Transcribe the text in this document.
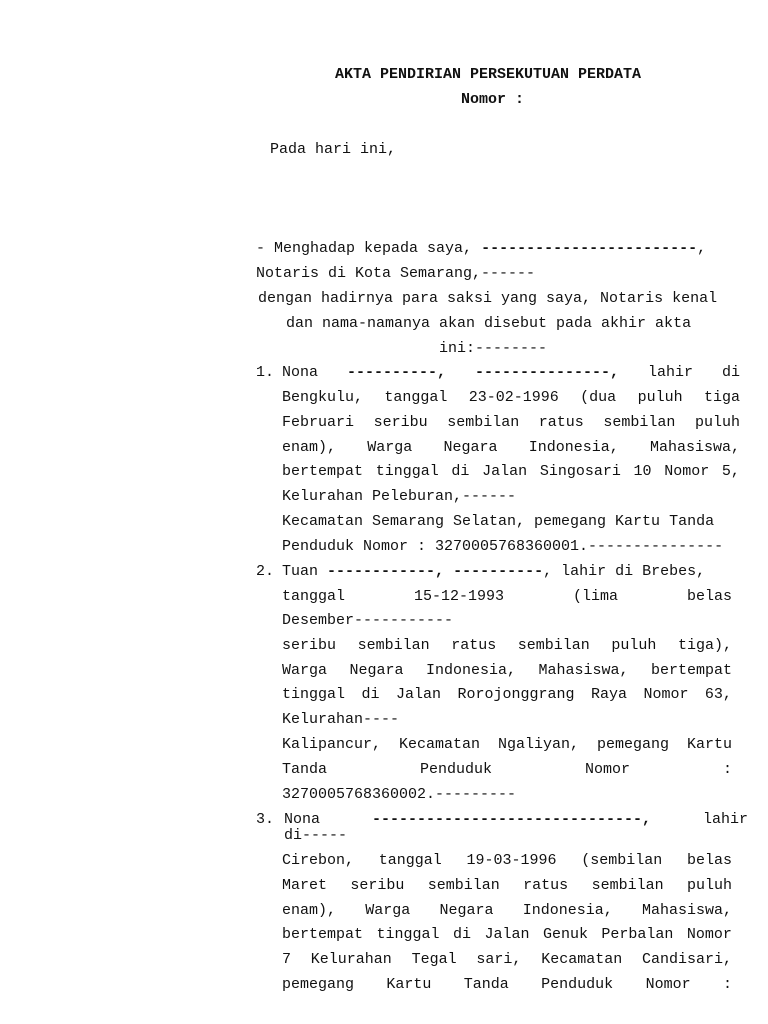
AKTA PENDIRIAN PERSEKUTUAN PERDATA
Nomor :
Pada hari ini,
- Menghadap kepada saya, ------------------------,
Notaris di Kota Semarang,------
dengan hadirnya para saksi yang saya, Notaris kenal
dan nama-namanya akan disebut pada akhir akta
ini:--------
1. Nona ----------, ---------------, lahir di
Bengkulu, tanggal 23-02-1996 (dua puluh tiga
Februari seribu sembilan ratus sembilan puluh
enam), Warga Negara Indonesia, Mahasiswa,
bertempat tinggal di Jalan Singosari 10 Nomor 5,
Kelurahan Peleburan,------
Kecamatan Semarang Selatan, pemegang Kartu Tanda
Penduduk Nomor : 3270005768360001.---------------
2. Tuan ------------, ----------, lahir di Brebes,
tanggal	15-12-1993	(lima	belas
Desember-----------
seribu sembilan ratus sembilan puluh tiga),
Warga Negara Indonesia, Mahasiswa, bertempat
tinggal di Jalan Rorojonggrang Raya Nomor 63,
Kelurahan----
Kalipancur, Kecamatan Ngaliyan, pemegang Kartu
Tanda	Penduduk	Nomor	:
3270005768360002.---------
3. Nona	------------------------------,	lahir
di-----
Cirebon, tanggal 19-03-1996 (sembilan belas
Maret seribu sembilan ratus sembilan puluh
enam), Warga Negara Indonesia, Mahasiswa,
bertempat tinggal di Jalan Genuk Perbalan Nomor
7 Kelurahan Tegal sari, Kecamatan Candisari,
pemegang Kartu Tanda Penduduk Nomor :
